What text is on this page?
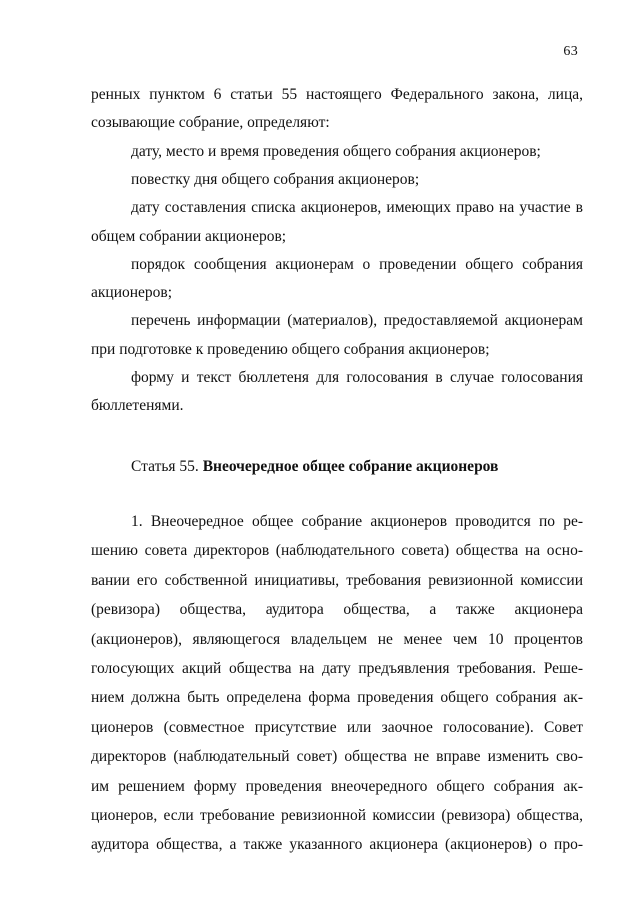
63
ренных пунктом 6 статьи 55 настоящего Федерального закона, лица,
созывающие собрание, определяют:
дату, место и время проведения общего собрания акционеров;
повестку дня общего собрания акционеров;
дату составления списка акционеров, имеющих право на участие в
общем собрании акционеров;
порядок сообщения акционерам о проведении общего собрания
акционеров;
перечень информации (материалов), предоставляемой акционерам
при подготовке к проведению общего собрания акционеров;
форму и текст бюллетеня для голосования в случае голосования
бюллетенями.
Статья 55. Внеочередное общее собрание акционеров
1. Внеочередное общее собрание акционеров проводится по ре-
шению совета директоров (наблюдательного совета) общества на осно-
вании его собственной инициативы, требования ревизионной комиссии
(ревизора) общества, аудитора общества, а также акционера
(акционеров), являющегося владельцем не менее чем 10 процентов
голосующих акций общества на дату предъявления требования. Реше-
нием должна быть определена форма проведения общего собрания ак-
ционеров (совместное присутствие или заочное голосование). Совет
директоров (наблюдательный совет) общества не вправе изменить сво-
им решением форму проведения внеочередного общего собрания ак-
ционеров, если требование ревизионной комиссии (ревизора) общества,
аудитора общества, а также указанного акционера (акционеров) о про-
